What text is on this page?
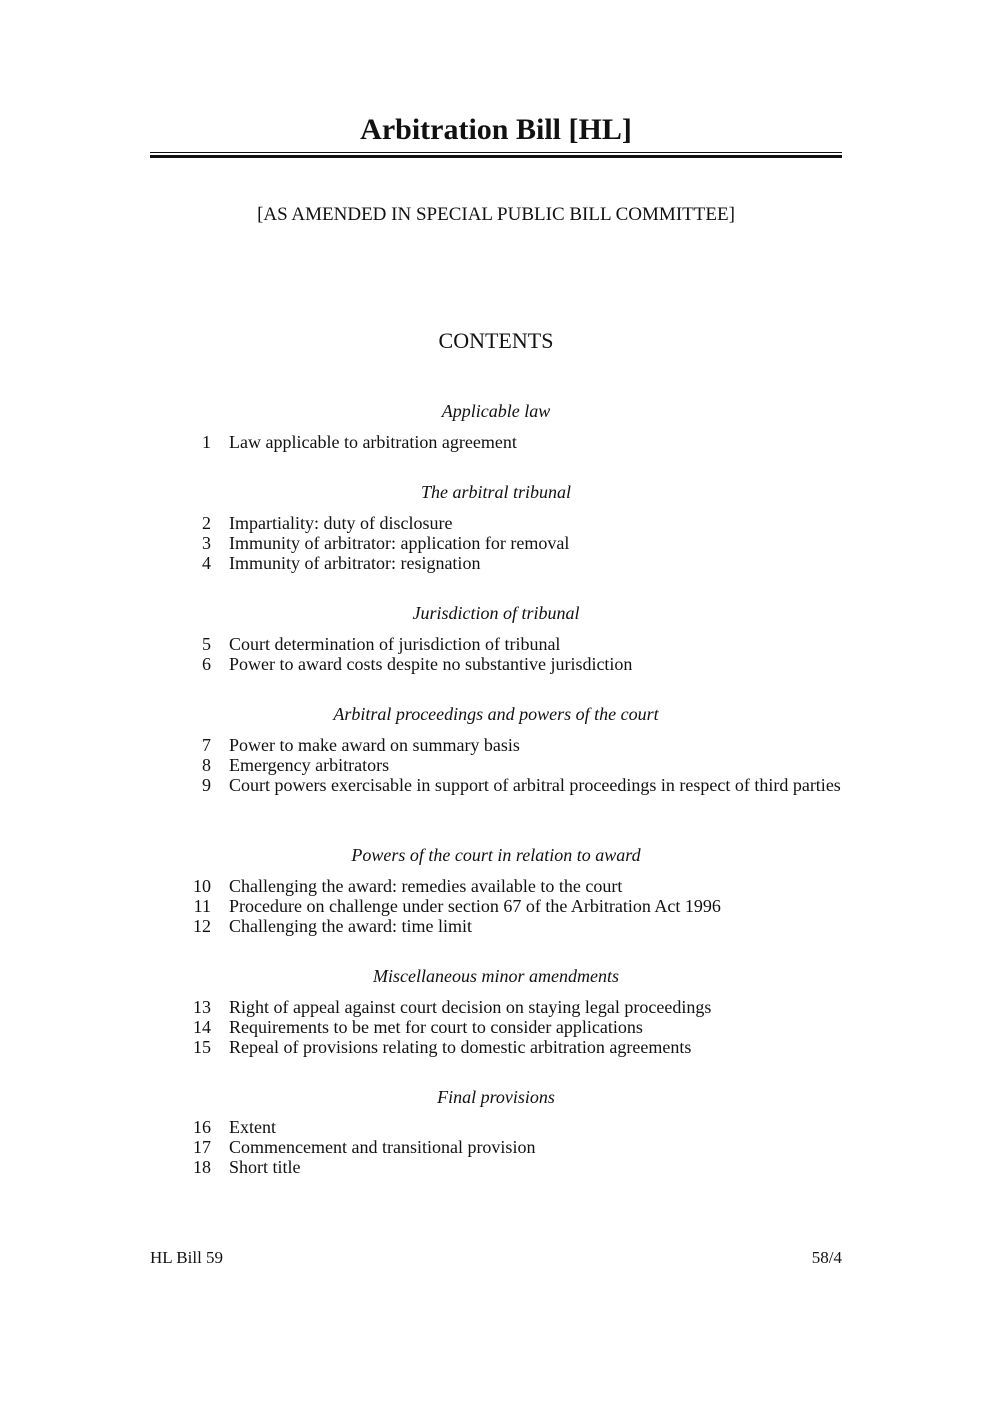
Arbitration Bill [HL]
[AS AMENDED IN SPECIAL PUBLIC BILL COMMITTEE]
CONTENTS
Applicable law
1 Law applicable to arbitration agreement
The arbitral tribunal
2 Impartiality: duty of disclosure
3 Immunity of arbitrator: application for removal
4 Immunity of arbitrator: resignation
Jurisdiction of tribunal
5 Court determination of jurisdiction of tribunal
6 Power to award costs despite no substantive jurisdiction
Arbitral proceedings and powers of the court
7 Power to make award on summary basis
8 Emergency arbitrators
9 Court powers exercisable in support of arbitral proceedings in respect of third parties
Powers of the court in relation to award
10 Challenging the award: remedies available to the court
11 Procedure on challenge under section 67 of the Arbitration Act 1996
12 Challenging the award: time limit
Miscellaneous minor amendments
13 Right of appeal against court decision on staying legal proceedings
14 Requirements to be met for court to consider applications
15 Repeal of provisions relating to domestic arbitration agreements
Final provisions
16 Extent
17 Commencement and transitional provision
18 Short title
HL Bill 59	58/4
